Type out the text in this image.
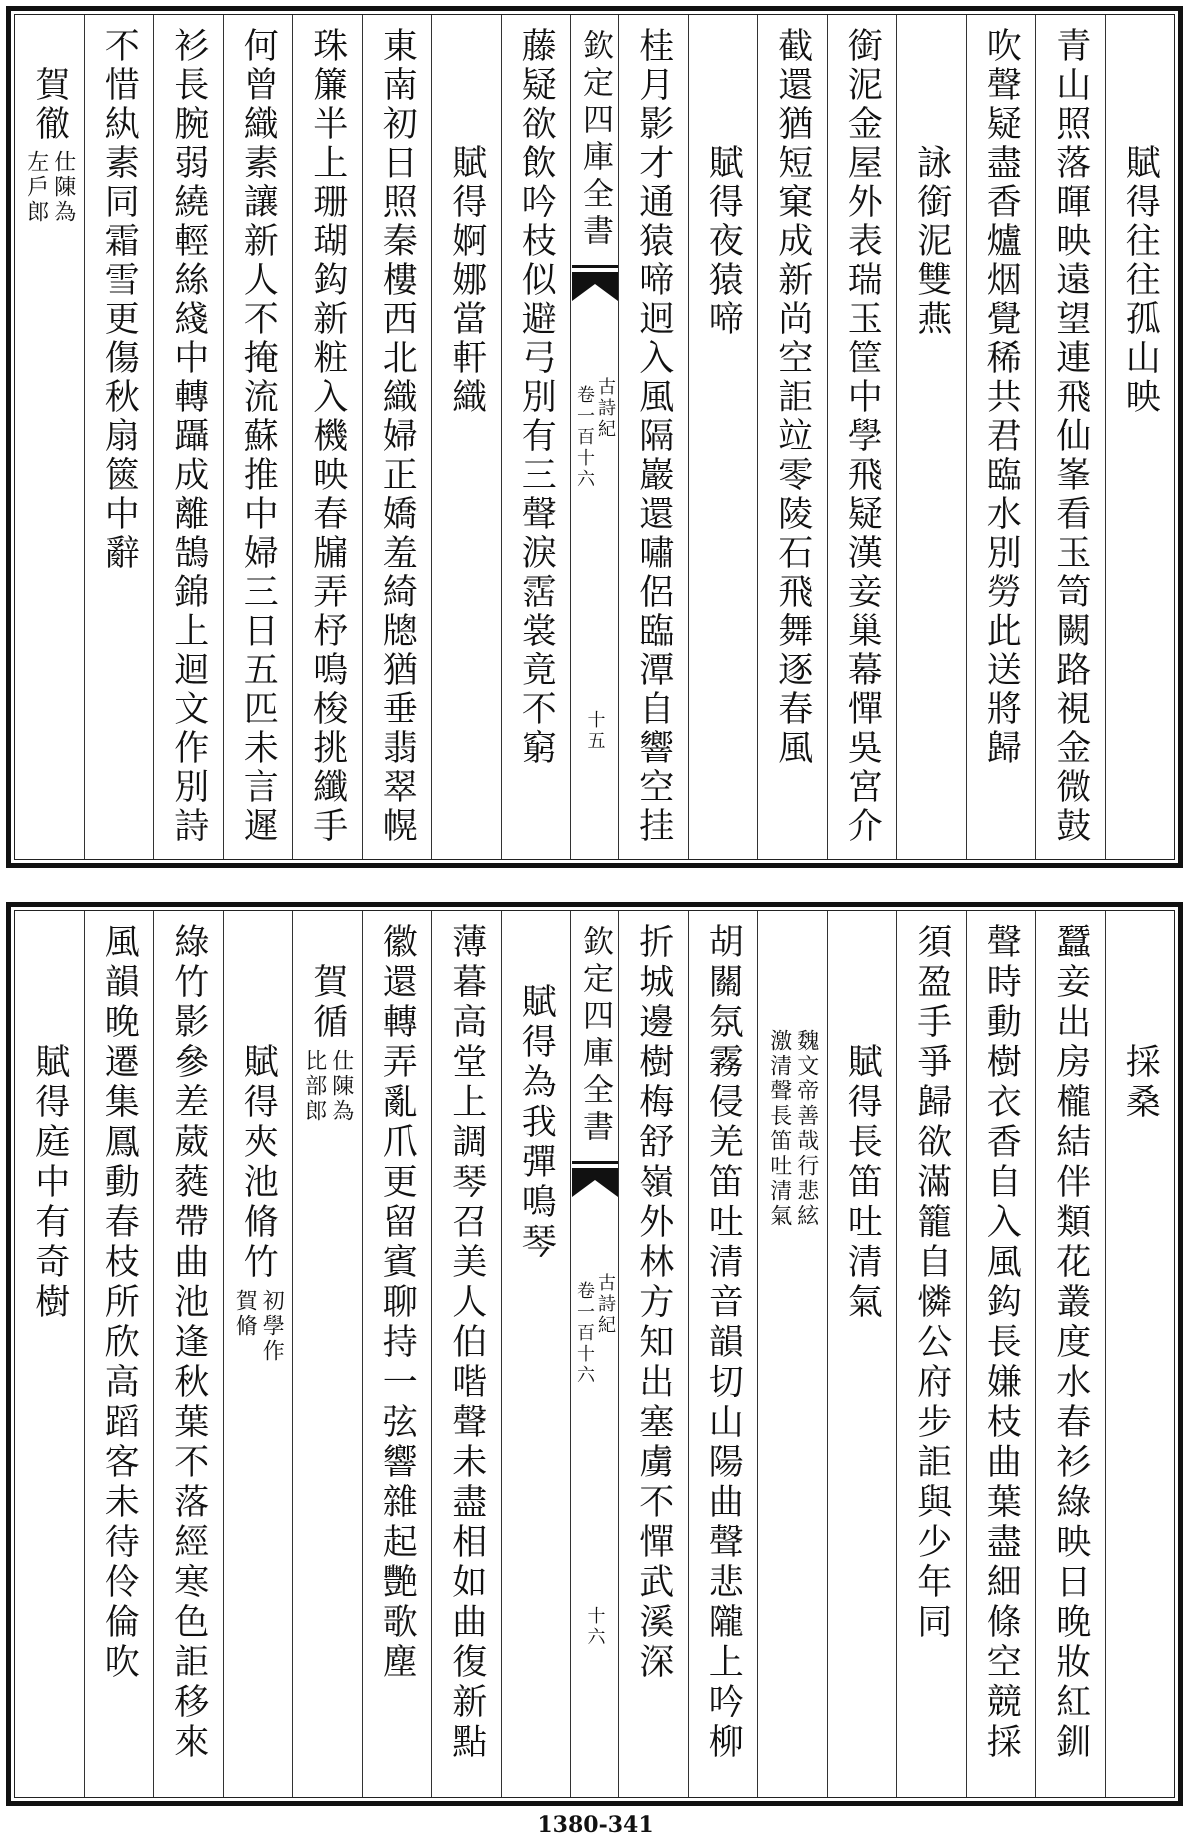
賦得往往孤山映
青山照落暉映遠望連飛仙峯看玉笥闕路視金微鼓
吹聲疑盡香爐烟覺稀共君臨水別勞此送將歸
詠銜泥雙燕
銜泥金屋外表瑞玉筐中學飛疑漢妾巢幕憚吳宮介
截還猶短窠成新尚空詎竝零陵石飛舞逐春風
賦得夜猿啼
桂月影才通猿啼迥入風隔巖還嘯侶臨潭自響空挂
欽定四庫全書
古詩紀
卷一百十六
十五
藤疑欲飲吟枝似避弓別有三聲淚霑裳竟不窮
賦得婀娜當軒織
東南初日照秦樓西北織婦正嬌羞綺牕猶垂翡翠幌
珠簾半上珊瑚鈎新粧入機映春牖弄杼鳴梭挑纖手
何曾織素讓新人不掩流蘇推中婦三日五匹未言遲
衫長腕弱繞輕絲綫中轉躡成離鵠錦上迴文作別詩
不惜紈素同霜雪更傷秋扇篋中辭
賀徹
仕陳為
左戶郎
採桑
蠶妾出房櫳結伴類花叢度水春衫綠映日晚妝紅釧
聲時動樹衣香自入風鈎長嫌枝曲葉盡細條空競採
須盈手爭歸欲滿籠自憐公府步詎與少年同
賦得長笛吐清氣
魏文帝善哉行悲絃
激清聲長笛吐清氣
胡關氛霧侵羌笛吐清音韻切山陽曲聲悲隴上吟柳
折城邊樹梅舒嶺外林方知出塞虜不憚武溪深
欽定四庫全書
古詩紀
卷一百十六
十六
賦得為我彈鳴琴
薄暮高堂上調琴召美人伯喈聲未盡相如曲復新點
徽還轉弄亂爪更留賓聊持一弦響雜起艷歌塵
賀循
仕陳為
比部郎
賦得夾池脩竹
初學作
賀脩
綠竹影參差葳蕤帶曲池逢秋葉不落經寒色詎移來
風韻晚遷集鳳動春枝所欣高蹈客未待伶倫吹
賦得庭中有奇樹
1380-341
